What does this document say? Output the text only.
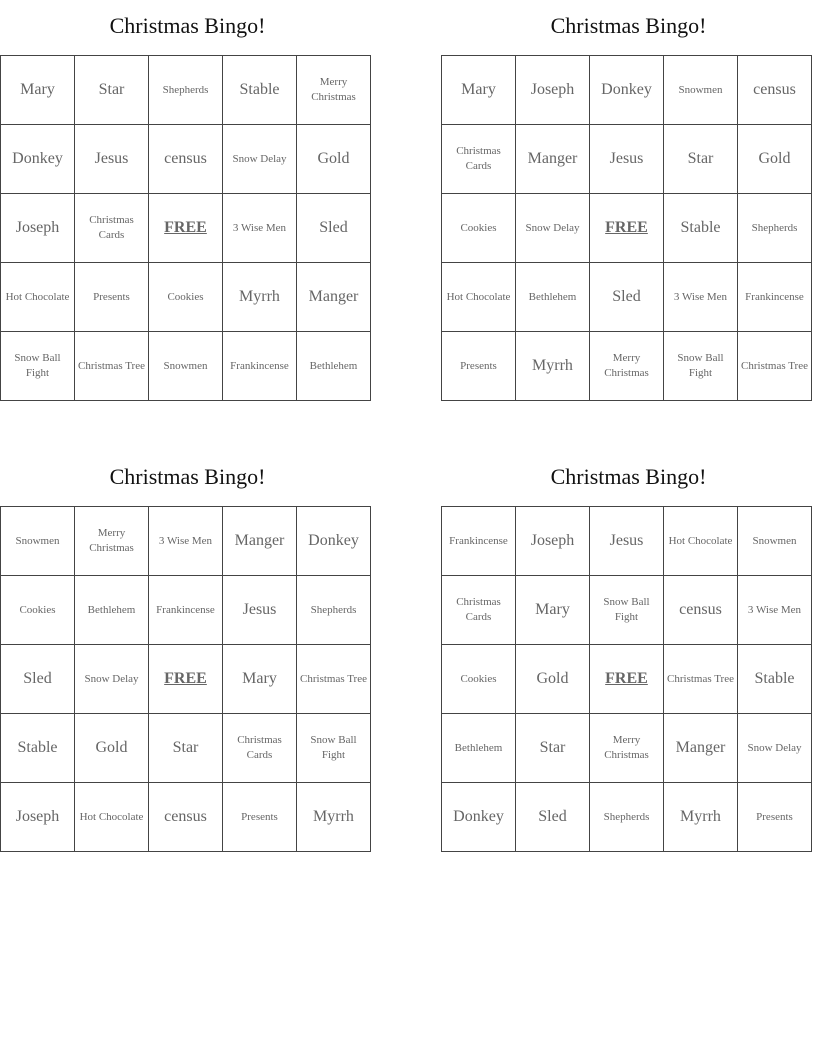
Christmas Bingo!
Mary	Star	Shepherds	Stable	Merry Christmas
Donkey	Jesus	census	Snow Delay	Gold
Joseph	Christmas Cards	FREE	3 Wise Men	Sled
Hot Chocolate	Presents	Cookies	Myrrh	Manger
Snow Ball Fight	Christmas Tree	Snowmen	Frankincense	Bethlehem
Christmas Bingo!
Mary	Joseph	Donkey	Snowmen	census
Christmas Cards	Manger	Jesus	Star	Gold
Cookies	Snow Delay	FREE	Stable	Shepherds
Hot Chocolate	Bethlehem	Sled	3 Wise Men	Frankincense
Presents	Myrrh	Merry Christmas	Snow Ball Fight	Christmas Tree
Christmas Bingo!
Snowmen	Merry Christmas	3 Wise Men	Manger	Donkey
Cookies	Bethlehem	Frankincense	Jesus	Shepherds
Sled	Snow Delay	FREE	Mary	Christmas Tree
Stable	Gold	Star	Christmas Cards	Snow Ball Fight
Joseph	Hot Chocolate	census	Presents	Myrrh
Christmas Bingo!
Frankincense	Joseph	Jesus	Hot Chocolate	Snowmen
Christmas Cards	Mary	Snow Ball Fight	census	3 Wise Men
Cookies	Gold	FREE	Christmas Tree	Stable
Bethlehem	Star	Merry Christmas	Manger	Snow Delay
Donkey	Sled	Shepherds	Myrrh	Presents
